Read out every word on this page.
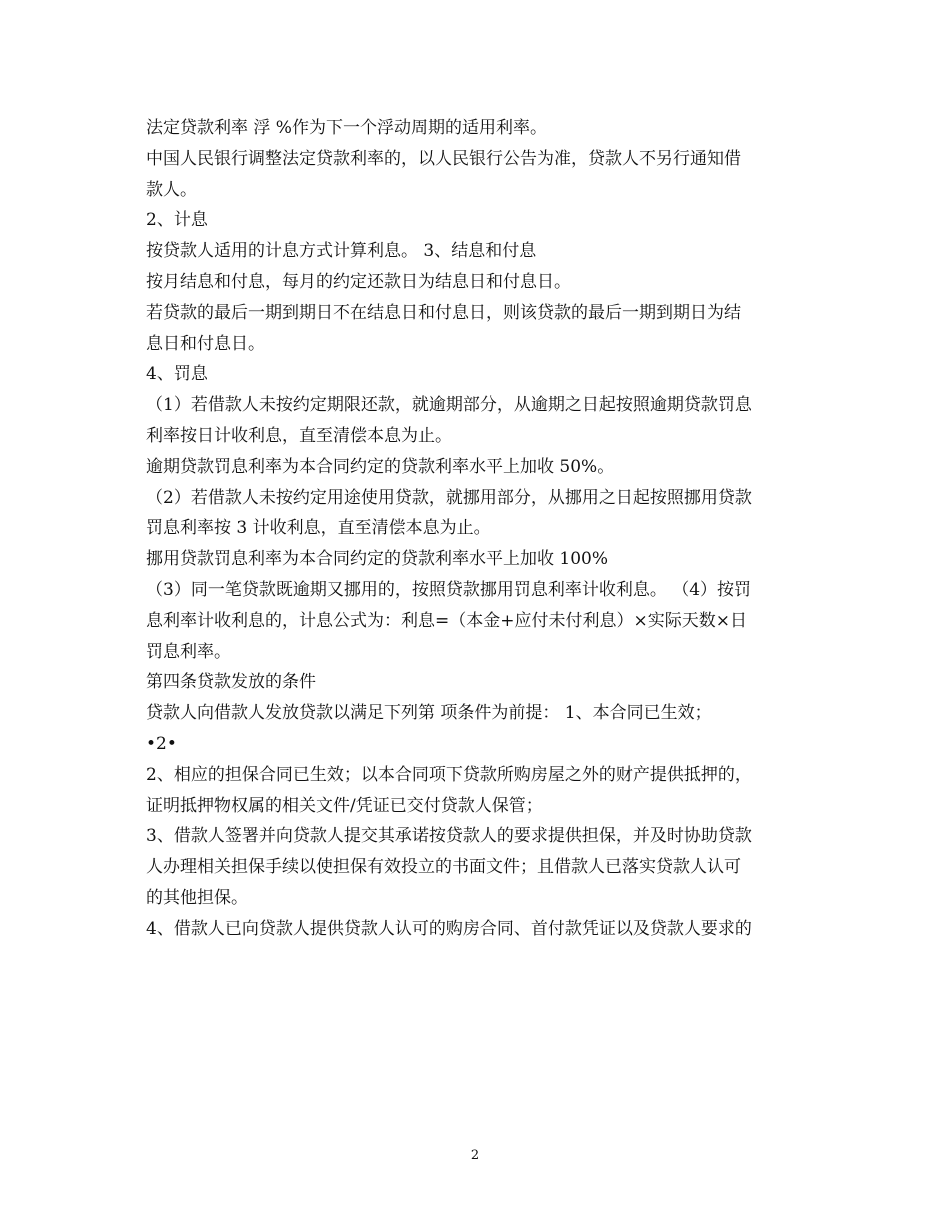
法定贷款利率 浮 %作为下一个浮动周期的适用利率。
中国人民银行调整法定贷款利率的，以人民银行公告为准，贷款人不另行通知借
款人。
2、计息
按贷款人适用的计息方式计算利息。 3、结息和付息
按月结息和付息，每月的约定还款日为结息日和付息日。
若贷款的最后一期到期日不在结息日和付息日，则该贷款的最后一期到期日为结
息日和付息日。
4、罚息
（1）若借款人未按约定期限还款，就逾期部分，从逾期之日起按照逾期贷款罚息
利率按日计收利息，直至清偿本息为止。
逾期贷款罚息利率为本合同约定的贷款利率水平上加收 50%。
（2）若借款人未按约定用途使用贷款，就挪用部分，从挪用之日起按照挪用贷款
罚息利率按 3 计收利息，直至清偿本息为止。
挪用贷款罚息利率为本合同约定的贷款利率水平上加收 100%
（3）同一笔贷款既逾期又挪用的，按照贷款挪用罚息利率计收利息。 （4）按罚
息利率计收利息的，计息公式为：利息=（本金+应付未付利息）×实际天数×日
罚息利率。
第四条贷款发放的条件
贷款人向借款人发放贷款以满足下列第 项条件为前提： 1、本合同已生效；
•2•
2、相应的担保合同已生效；以本合同项下贷款所购房屋之外的财产提供抵押的，
证明抵押物权属的相关文件/凭证已交付贷款人保管；
3、借款人签署并向贷款人提交其承诺按贷款人的要求提供担保，并及时协助贷款
人办理相关担保手续以使担保有效投立的书面文件；且借款人已落实贷款人认可
的其他担保。
4、借款人已向贷款人提供贷款人认可的购房合同、首付款凭证以及贷款人要求的
2
